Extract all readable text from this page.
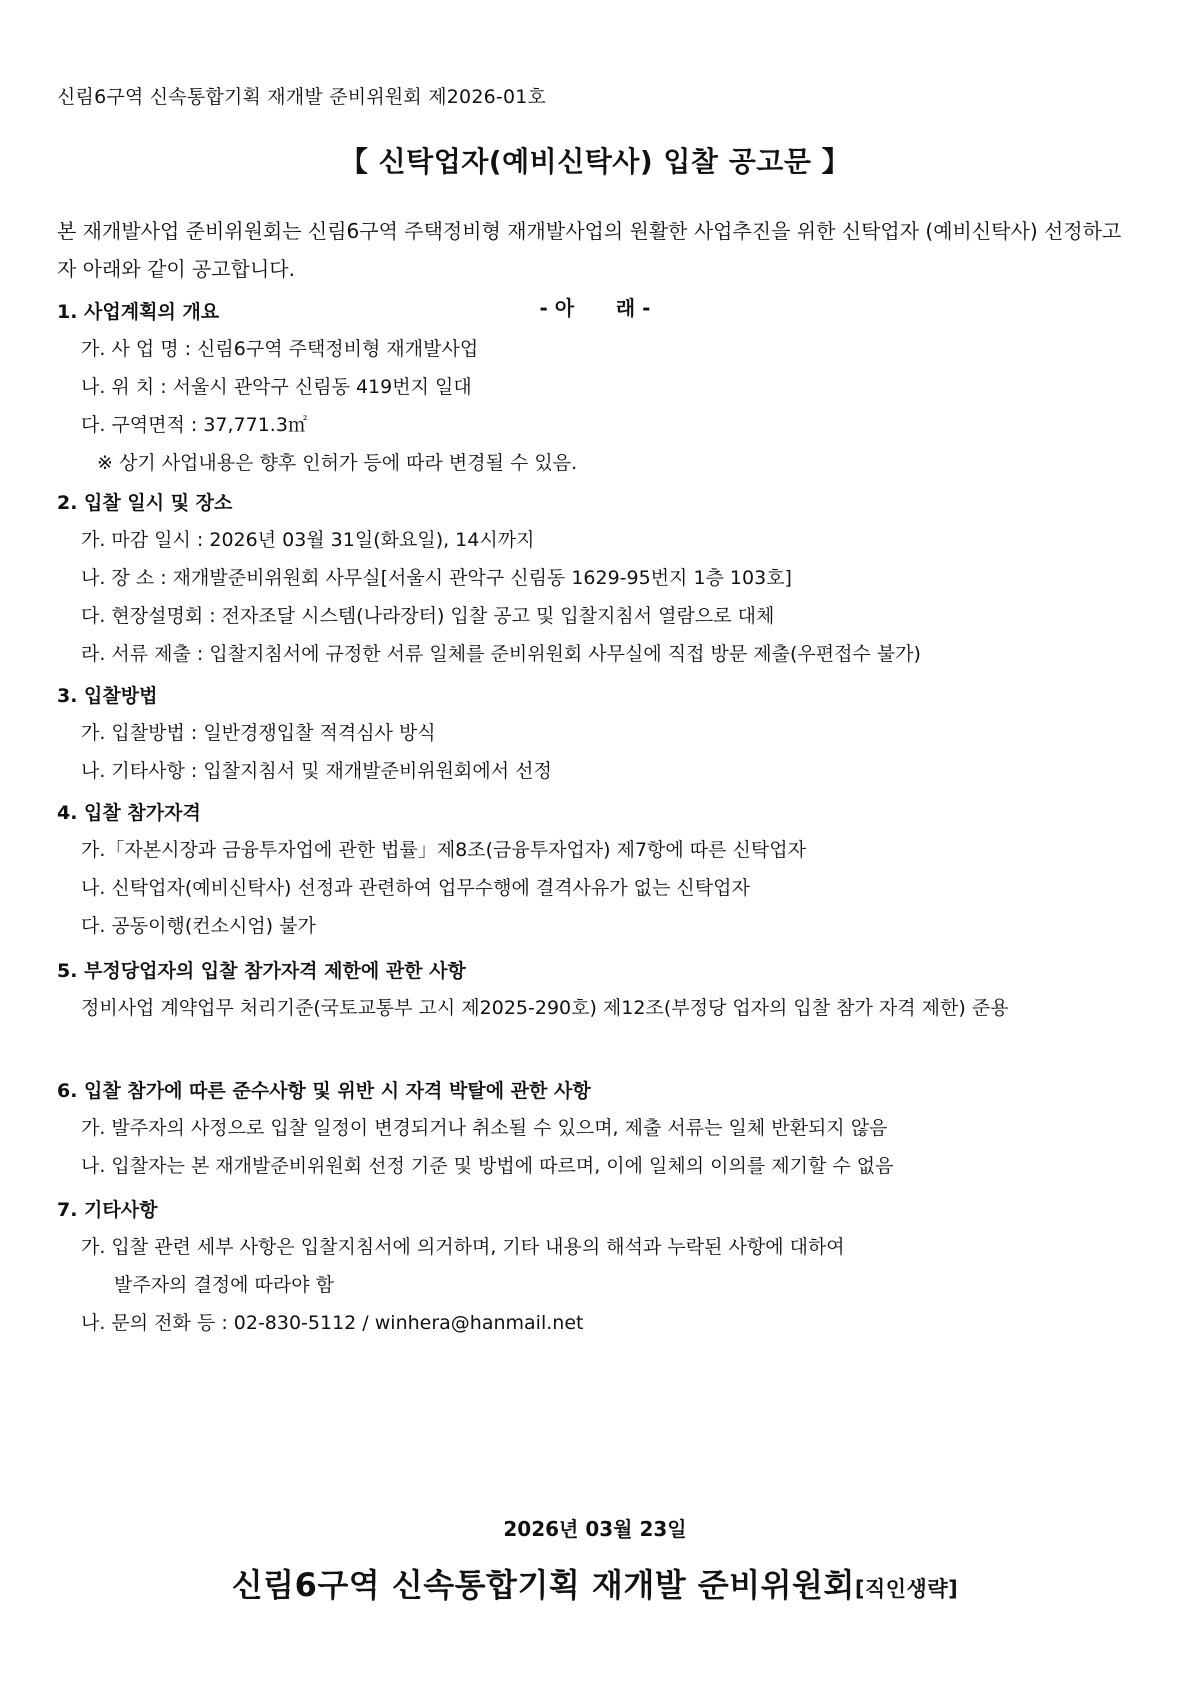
신림6구역 신속통합기획 재개발 준비위원회 제2026-01호
【 신탁업자(예비신탁사) 입찰 공고문 】
본 재개발사업 준비위원회는 신림6구역 주택정비형 재개발사업의 원활한 사업추진을 위한 신탁업자 (예비신탁사) 선정하고자 아래와 같이 공고합니다.
- 아      래 -
1. 사업계획의 개요
가. 사 업 명 : 신림6구역 주택정비형 재개발사업
나. 위 치 : 서울시 관악구 신림동 419번지 일대
다. 구역면적 : 37,771.3㎡
※ 상기 사업내용은 향후 인허가 등에 따라 변경될 수 있음.
2. 입찰 일시 및 장소
가. 마감 일시 : 2026년 03월 31일(화요일), 14시까지
나. 장 소 : 재개발준비위원회 사무실[서울시 관악구 신림동 1629-95번지 1층 103호]
다. 현장설명회 : 전자조달 시스템(나라장터) 입찰 공고 및 입찰지침서 열람으로 대체
라. 서류 제출 : 입찰지침서에 규정한 서류 일체를 준비위원회 사무실에 직접 방문 제출(우편접수 불가)
3. 입찰방법
가. 입찰방법 : 일반경쟁입찰 적격심사 방식
나. 기타사항 : 입찰지침서 및 재개발준비위원회에서 선정
4. 입찰 참가자격
가.「자본시장과 금융투자업에 관한 법률」제8조(금융투자업자) 제7항에 따른 신탁업자
나. 신탁업자(예비신탁사) 선정과 관련하여 업무수행에 결격사유가 없는 신탁업자
다. 공동이행(컨소시엄) 불가
5. 부정당업자의 입찰 참가자격 제한에 관한 사항
정비사업 계약업무 처리기준(국토교통부 고시 제2025-290호) 제12조(부정당 업자의 입찰 참가 자격 제한) 준용
6. 입찰 참가에 따른 준수사항 및 위반 시 자격 박탈에 관한 사항
가. 발주자의 사정으로 입찰 일정이 변경되거나 취소될 수 있으며, 제출 서류는 일체 반환되지 않음
나. 입찰자는 본 재개발준비위원회 선정 기준 및 방법에 따르며, 이에 일체의 이의를 제기할 수 없음
7. 기타사항
가. 입찰 관련 세부 사항은 입찰지침서에 의거하며, 기타 내용의 해석과 누락된 사항에 대하여
발주자의 결정에 따라야 함
나. 문의 전화 등 : 02-830-5112 / winhera@hanmail.net
2026년 03월 23일
신림6구역 신속통합기획 재개발 준비위원회[직인생략]
